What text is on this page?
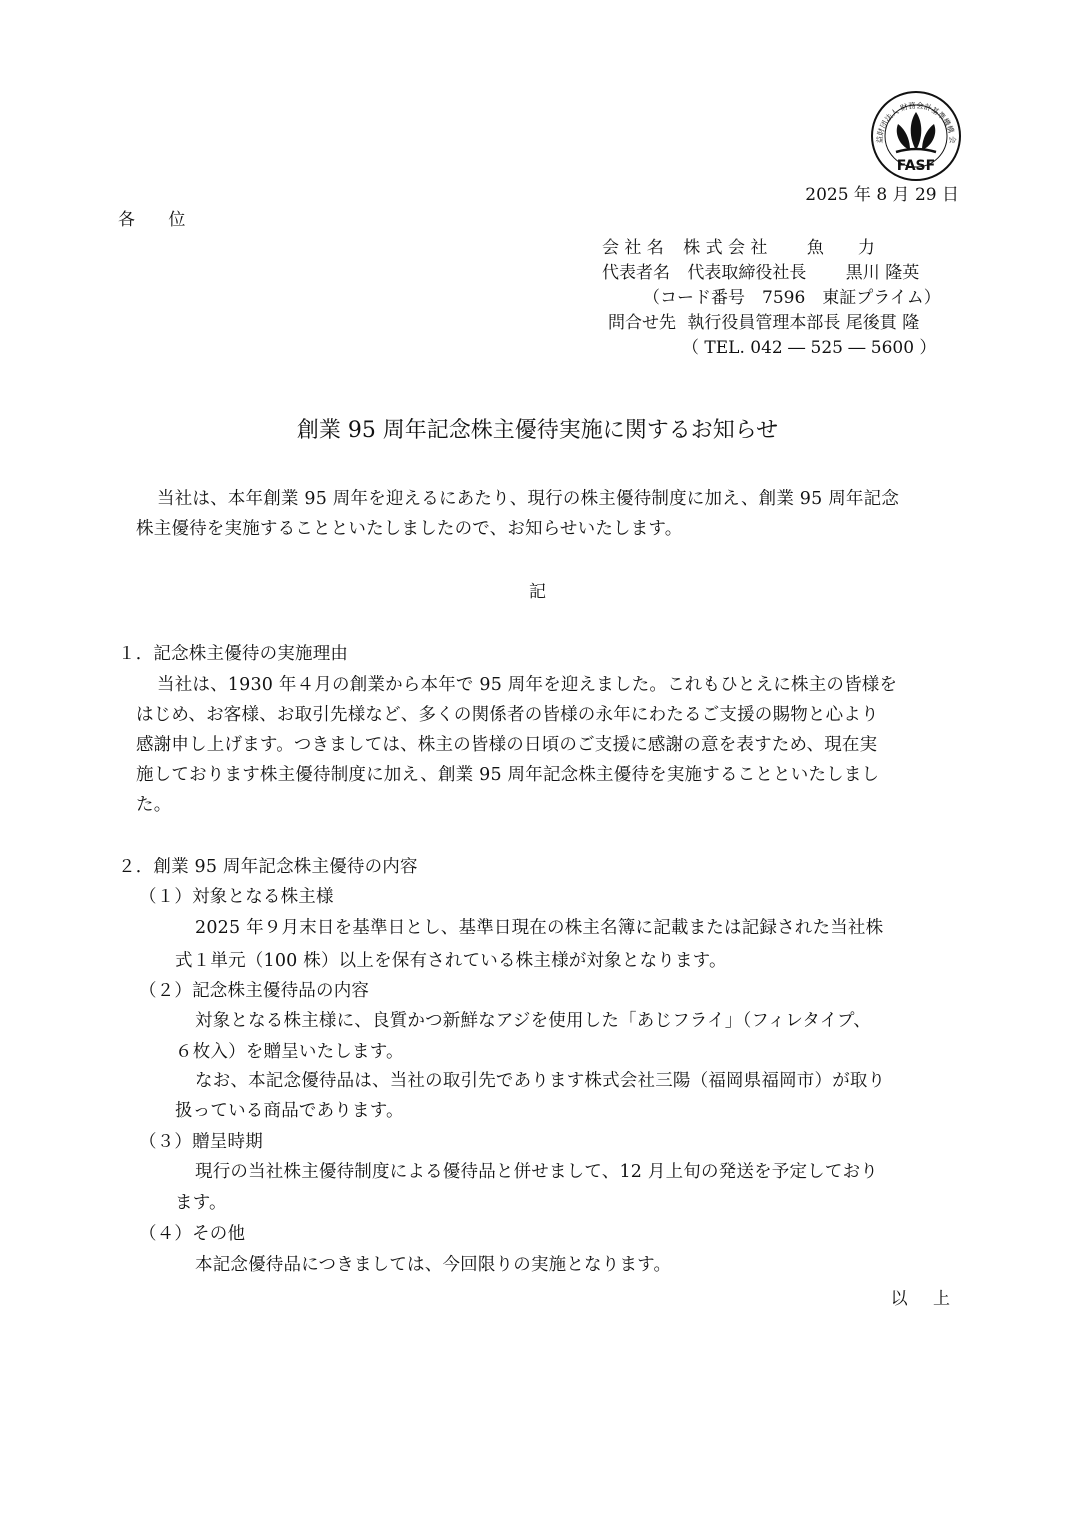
益財団法人 財務会計基準機構 会
FASF
2025 年 8 月 29 日
各 位
会 社 名 株 式 会 社　　 魚　　力
代表者名 代表取締役社長　　 黒川 隆英
（コード番号　7596　東証プライム）
問合せ先 執行役員管理本部長 尾後貫 隆
（ TEL. 042 ― 525 ― 5600 ）
創業 95 周年記念株主優待実施に関するお知らせ
当社は、本年創業 95 周年を迎えるにあたり、現行の株主優待制度に加え、創業 95 周年記念
株主優待を実施することといたしましたので、お知らせいたします。
記
１．記念株主優待の実施理由
当社は、1930 年４月の創業から本年で 95 周年を迎えました。これもひとえに株主の皆様を
はじめ、お客様、お取引先様など、多くの関係者の皆様の永年にわたるご支援の賜物と心より
感謝申し上げます。つきましては、株主の皆様の日頃のご支援に感謝の意を表すため、現在実
施しております株主優待制度に加え、創業 95 周年記念株主優待を実施することといたしまし
た。
２．創業 95 周年記念株主優待の内容
（１）対象となる株主様
2025 年９月末日を基準日とし、基準日現在の株主名簿に記載または記録された当社株
式１単元（100 株）以上を保有されている株主様が対象となります。
（２）記念株主優待品の内容
対象となる株主様に、良質かつ新鮮なアジを使用した「あじフライ」（フィレタイプ、
６枚入）を贈呈いたします。
なお、本記念優待品は、当社の取引先であります株式会社三陽（福岡県福岡市）が取り
扱っている商品であります。
（３）贈呈時期
現行の当社株主優待制度による優待品と併せまして、12 月上旬の発送を予定しており
ます。
（４）その他
本記念優待品につきましては、今回限りの実施となります。
以 上
